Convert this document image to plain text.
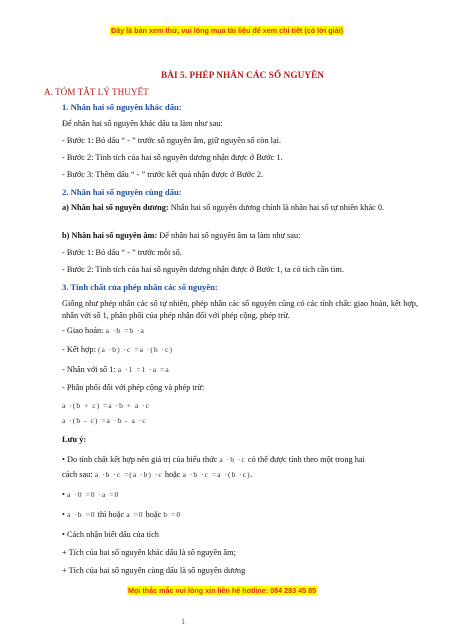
Đây là bản xem thử, vui lòng mua tài liệu để xem chi tiết (có lời giải)
BÀI 5. PHÉP NHÂN CÁC SỐ NGUYÊN
A. TÓM TẮT LÝ THUYẾT
1. Nhân hai số nguyên khác dấu:
Để nhân hai số nguyên khác dấu ta làm như sau:
- Bước 1: Bỏ dấu “ - ” trước số nguyên âm, giữ nguyên số còn lại.
- Bước 2: Tính tích của hai số nguyên dương nhận được ở Bước 1.
- Bước 3: Thêm dấu “ - ” trước kết quả nhận được ở Bước 2.
2. Nhân hai số nguyên cùng dấu:
a) Nhân hai số nguyên dương: Nhân hai số nguyên dương chính là nhân hai số tự nhiên khác 0.
b) Nhân hai số nguyên âm: Để nhân hai số nguyên âm ta làm như sau:
- Bước 1: Bỏ dấu “ - ” trước mỗi số.
- Bước 2: Tính tích của hai số nguyên dương nhận được ở Bước 1, ta có tích cần tìm.
3. Tính chất của phép nhân các số nguyên:
Giống như phép nhân các số tự nhiên, phép nhân các số nguyên cũng có các tính chất: giao hoán, kết hợp, nhân với số 1, phân phối của phép nhân đối với phép cộng, phép trừ.
- Giao hoán: a ·b =b ·a
- Kết hợp: (a ·b) ·c =a ·(b ·c)
- Nhân với số 1: a ·1 =1 ·a =a
- Phân phối đối với phép cộng và phép trừ:
a ·(b + c) =a ·b + a ·c
a ·(b - c) =a ·b - a ·c
Lưu ý:
• Do tính chất kết hợp nên giá trị của biểu thức a ·b ·c có thể được tính theo một trong hai
cách sau: a ·b ·c =(a ·b) ·c hoặc a ·b ·c =a ·(b ·c).
• a ·0 =0 ·a =0
• a ·b =0 thì hoặc a =0 hoặc b =0
• Cách nhận biết dấu của tích
+ Tích của hai số nguyên khác dấu là số nguyên âm;
+ Tích của hai số nguyên cùng dấu là số nguyên dương
Mọi thắc mắc vui lòng xin liên hệ hotline: 084 283 45 85
1
